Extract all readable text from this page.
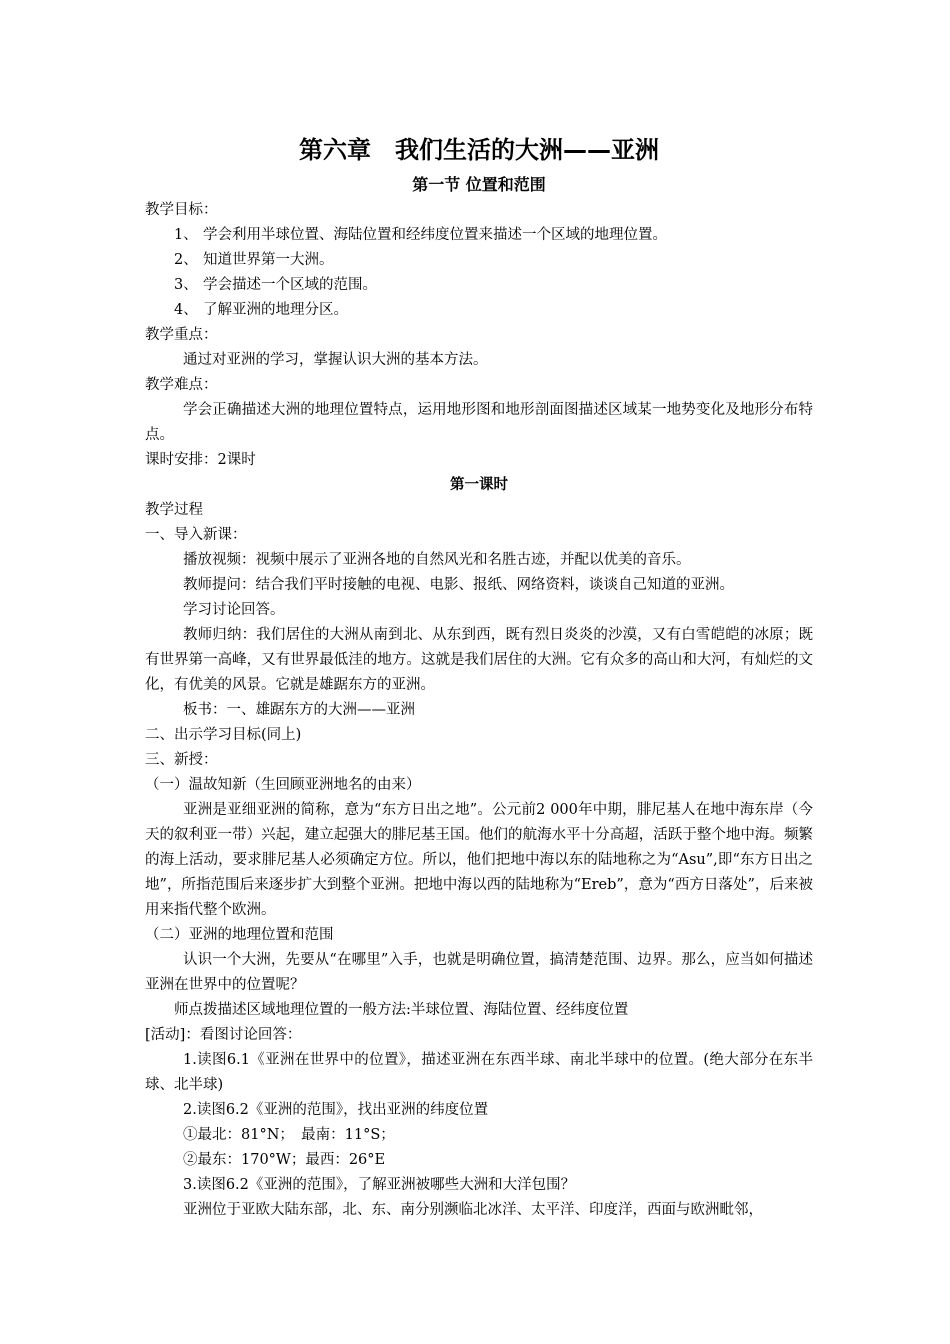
第六章　我们生活的大洲——亚洲
第一节 位置和范围
教学目标：
1、 学会利用半球位置、海陆位置和经纬度位置来描述一个区域的地理位置。
2、 知道世界第一大洲。
3、 学会描述一个区域的范围。
4、 了解亚洲的地理分区。
教学重点：
通过对亚洲的学习，掌握认识大洲的基本方法。
教学难点：
学会正确描述大洲的地理位置特点，运用地形图和地形剖面图描述区域某一地势变化及地形分布特点。
课时安排：2课时
第一课时
教学过程
一、导入新课：
播放视频：视频中展示了亚洲各地的自然风光和名胜古迹，并配以优美的音乐。
教师提问：结合我们平时接触的电视、电影、报纸、网络资料，谈谈自己知道的亚洲。
学习讨论回答。
教师归纳：我们居住的大洲从南到北、从东到西，既有烈日炎炎的沙漠，又有白雪皑皑的冰原；既有世界第一高峰，又有世界最低洼的地方。这就是我们居住的大洲。它有众多的高山和大河，有灿烂的文化，有优美的风景。它就是雄踞东方的亚洲。
板书：一、雄踞东方的大洲——亚洲
二、出示学习目标(同上)
三、新授：
（一）温故知新（生回顾亚洲地名的由来）
亚洲是亚细亚洲的简称，意为“东方日出之地”。公元前2 000年中期，腓尼基人在地中海东岸（今天的叙利亚一带）兴起，建立起强大的腓尼基王国。他们的航海水平十分高超，活跃于整个地中海。频繁的海上活动，要求腓尼基人必须确定方位。所以，他们把地中海以东的陆地称之为“Asu”,即“东方日出之地”，所指范围后来逐步扩大到整个亚洲。把地中海以西的陆地称为“Ereb”，意为“西方日落处”，后来被用来指代整个欧洲。
（二）亚洲的地理位置和范围
认识一个大洲，先要从“在哪里”入手，也就是明确位置，搞清楚范围、边界。那么，应当如何描述亚洲在世界中的位置呢？
师点拨描述区域地理位置的一般方法:半球位置、海陆位置、经纬度位置
[活动]：看图讨论回答：
1.读图6.1《亚洲在世界中的位置》，描述亚洲在东西半球、南北半球中的位置。(绝大部分在东半球、北半球)
2.读图6.2《亚洲的范围》，找出亚洲的纬度位置
①最北：81°N；　最南：11°S；
②最东：170°W；最西：26°E
3.读图6.2《亚洲的范围》，了解亚洲被哪些大洲和大洋包围？
亚洲位于亚欧大陆东部，北、东、南分别濒临北冰洋、太平洋、印度洋，西面与欧洲毗邻，
